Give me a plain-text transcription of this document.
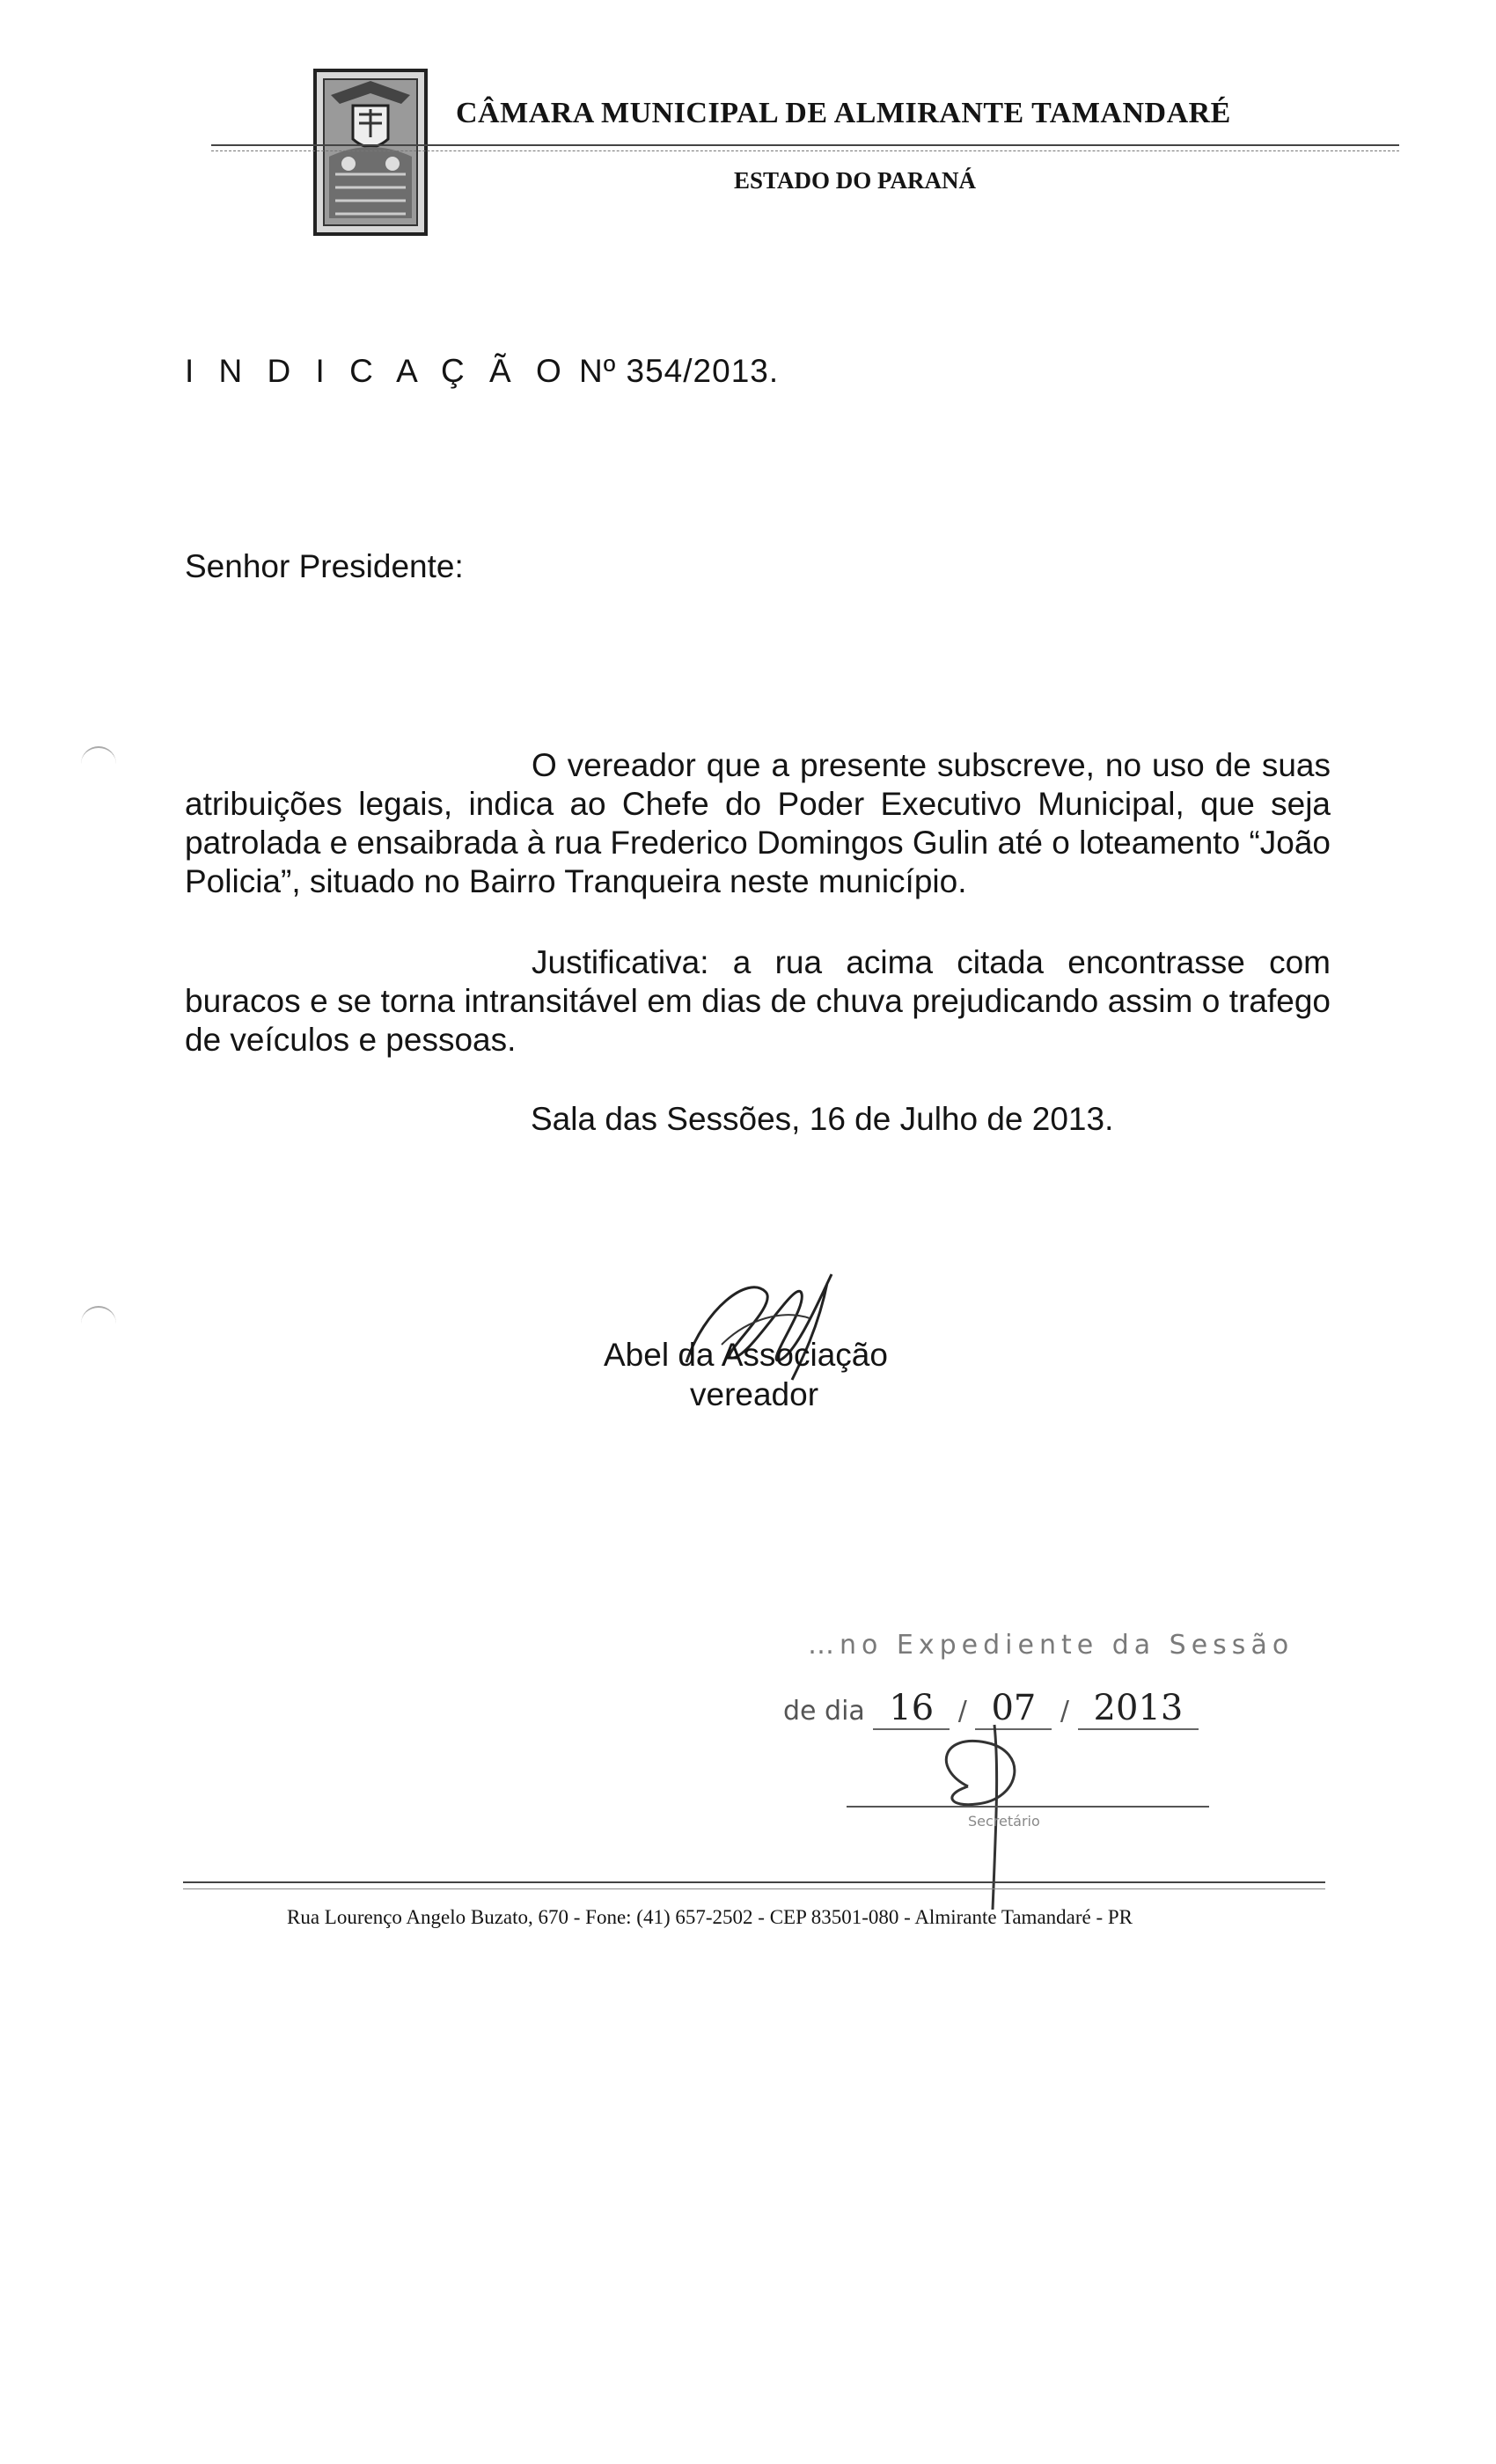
CÂMARA MUNICIPAL DE ALMIRANTE TAMANDARÉ
ESTADO DO PARANÁ
I N D I C A Ç Ã O Nº 354/2013.
Senhor Presidente:

O vereador que a presente subscreve, no uso de suas atribuições legais, indica ao Chefe do Poder Executivo Municipal, que seja patrolada e ensaibrada à rua Frederico Domingos Gulin até o loteamento “João Policia”, situado no Bairro Tranqueira neste município.

Justificativa: a rua acima citada encontrasse com buracos e se torna intransitável em dias de chuva prejudicando assim o trafego de veículos e pessoas.

Sala das Sessões, 16 de Julho de 2013.
Abel da Associação
vereador
…no Expediente da Sessão
de dia 16 / 07 / 2013
Secretário
Rua Lourenço Angelo Buzato, 670 - Fone: (41) 657-2502 - CEP 83501-080 - Almirante Tamandaré - PR
